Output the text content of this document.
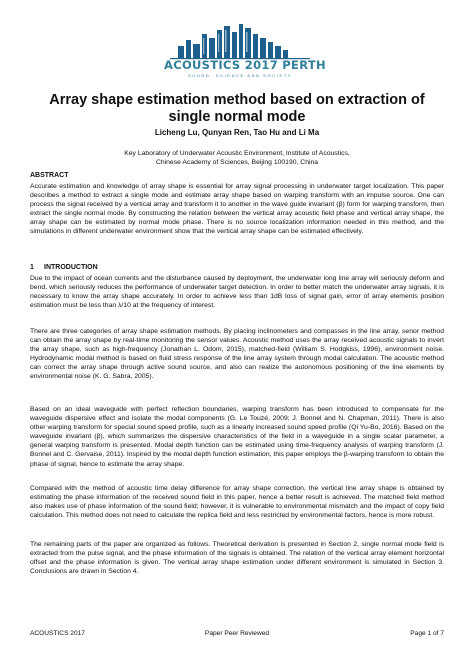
ACOUSTICS 2017 PERTH
SOUND, SCIENCE AND SOCIETY
Array shape estimation method based on extraction of single normal mode

Licheng Lu, Qunyan Ren, Tao Hu and Li Ma

Key Laboratory of Underwater Acoustic Environment, Institute of Acoustics,
Chinese Academy of Sciences, Beijing 100190, China

ABSTRACT

Accurate estimation and knowledge of array shape is essential for array signal processing in underwater target localization. This paper describes a method to extract a single mode and estimate array shape based on warping transform with an impulse source. One can process the signal received by a vertical array and transform it to another in the wave guide invariant (β) form for warping transform, then extract the single normal mode. By constructing the relation between the vertical array acoustic field phase and vertical array shape, the array shape can be estimated by normal mode phase. There is no source localization information needed in this method, and the simulations in different underwater environment show that the vertical array shape can be estimated effectively.

1 INTRODUCTION

Due to the impact of ocean currents and the disturbance caused by deployment, the underwater long line array will seriously deform and bend, which seriously reduces the performance of underwater target detection. In order to better match the underwater array signals, it is necessary to know the array shape accurately. In order to achieve less than 1dB loss of signal gain, error of array elements position estimation must be less than λ/10 at the frequency of interest.

There are three categories of array shape estimation methods. By placing inclinometers and compasses in the line array, senor method can obtain the array shape by real-time monitoring the sensor values. Acoustic method uses the array received acoustic signals to invert the array shape, such as high-frequency (Jonathan L. Odom, 2015), matched-field (William S. Hodgkiss, 1996), environment noise. Hydrodynamic modal method is based on fluid stress response of the line array system through modal calculation. The acoustic method can correct the array shape through active sound source, and also can realize the autonomous positioning of the line elements by environmental noise (K. G. Sabra, 2005).

Based on an ideal waveguide with perfect reflection boundaries, warping transform has been introduced to compensate for the waveguide dispersive effect and isolate the modal components (G. Le Touzé, 2009; J. Bonnel and N. Chapman, 2011). There is also other warping transform for special sound speed profile, such as a linearly increased sound speed profile (Qi Yu-Bo, 2016). Based on the waveguide invariant (β), which summarizes the dispersive characteristics of the field in a waveguide in a single scalar parameter, a general warping transform is presented. Modal depth function can be estimated using time-frequency analysis of warping transform (J. Bonnel and C. Gervaise, 2011). Inspired by the modal depth function estimation, this paper employs the β-warping transform to obtain the phase of signal, hence to estimate the array shape.

Compared with the method of acoustic time delay difference for array shape correction, the vertical line array shape is obtained by estimating the phase information of the received sound field in this paper, hence a better result is achieved. The matched field method also makes use of phase information of the sound field; however, it is vulnerable to environmental mismatch and the impact of copy field calculation. This method does not need to calculate the replica field and less restricted by environmental factors, hence is more robust.

The remaining parts of the paper are organized as follows. Theoretical derivation is presented in Section 2, single normal mode field is extracted from the pulse signal, and the phase information of the signals is obtained. The relation of the vertical array element horizontal offset and the phase information is given. The vertical array shape estimation under different environment is simulated in Section 3. Conclusions are drawn in Section 4.

ACOUSTICS 2017	Paper Peer Reviewed	Page 1 of 7
